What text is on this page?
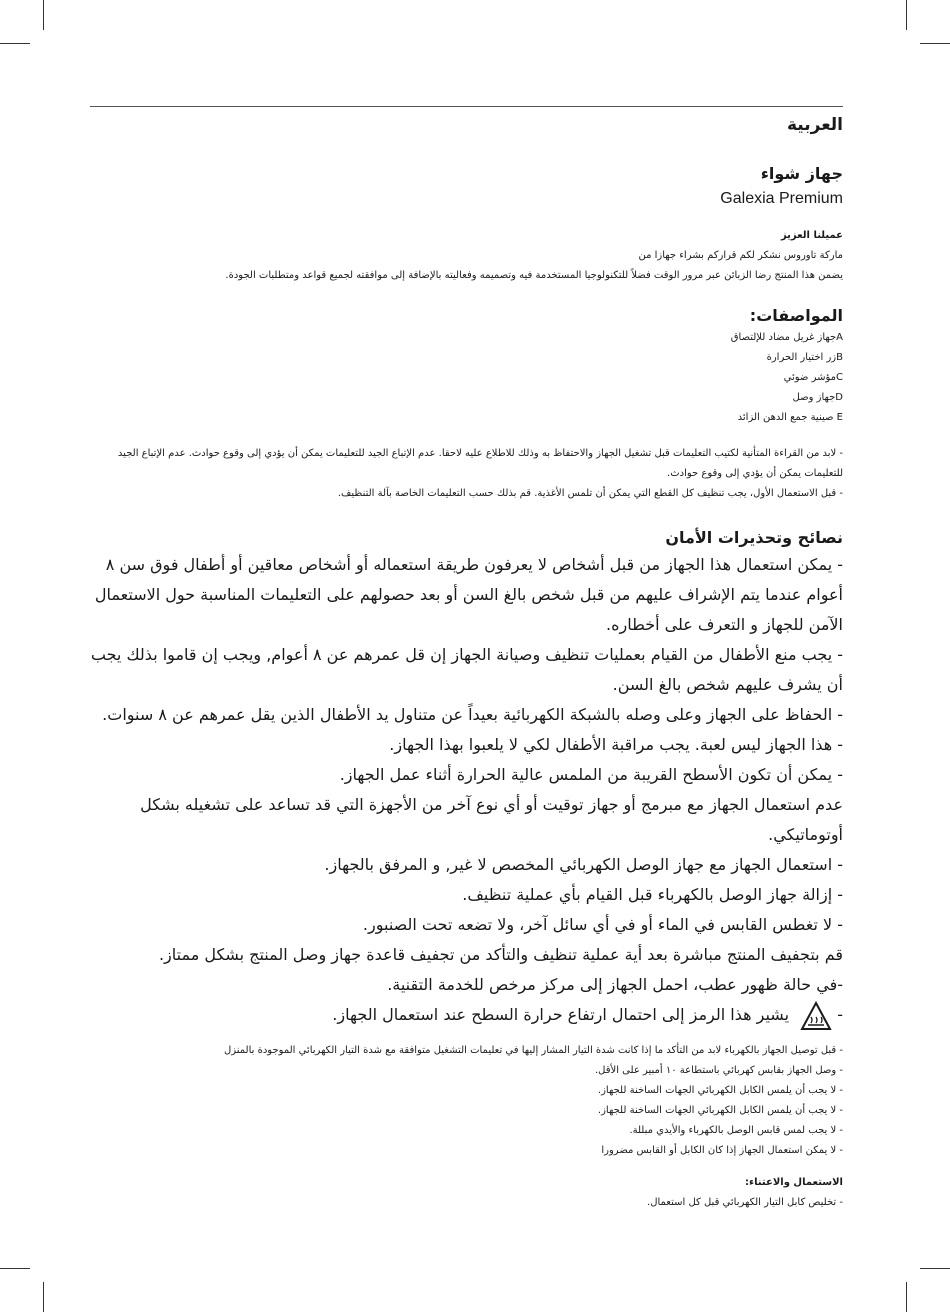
العربية
جهاز شواء
Galexia Premium

عميلنا العزيز

ماركة تاوروس نشكر لكم قراركم بشراء جهازا من

يضمن هذا المنتج رضا الزبائن عبر مرور الوقت فضلاً للتكنولوجيا المستخدمة فيه وتصميمه وفعاليته بالإضافة إلى موافقته لجميع قواعد ومتطلبات الجودة.

المواصفات:

Aجهاز غريل مضاد للإلتصاق

Bزر اختيار الحرارة

Cمؤشر ضوئي

Dجهاز وصل

E صينية جمع الدهن الزائد

- لابد من القراءة المتأنية لكتيب التعليمات قبل تشغيل الجهاز والاحتفاظ به وذلك للاطلاع عليه لاحقا. عدم الإتباع الجيد للتعليمات يمكن أن يؤدي إلى وقوع حوادث. عدم الإتباع الجيد للتعليمات يمكن أن يؤدي إلى وقوع حوادث.

- قبل الاستعمال الأول، يجب تنظيف كل القطع التي يمكن أن تلمس الأغذية. قم بذلك حسب التعليمات الخاصة بآلة التنظيف.

نصائح وتحذيرات الأمان

- يمكن استعمال هذا الجهاز من قبل أشخاص لا يعرفون طريقة استعماله أو أشخاص معاقين أو أطفال فوق سن ٨ أعوام عندما يتم الإشراف عليهم من قبل شخص بالغ السن أو بعد حصولهم على التعليمات المناسبة حول الاستعمال الآمن للجهاز و التعرف على أخطاره.

- يجب منع الأطفال من القيام بعمليات تنظيف وصيانة الجهاز إن قل عمرهم عن ٨ أعوام, ويجب إن قاموا بذلك يجب أن يشرف عليهم شخص بالغ السن.

- الحفاظ على الجهاز وعلى وصله بالشبكة الكهربائية بعيداً عن متناول يد الأطفال الذين يقل عمرهم عن ٨ سنوات.

- هذا الجهاز ليس لعبة. يجب مراقبة الأطفال لكي لا يلعبوا بهذا الجهاز.

- يمكن أن تكون الأسطح القريبة من الملمس عالية الحرارة أثناء عمل الجهاز.

عدم استعمال الجهاز مع مبرمج أو جهاز توقيت أو أي نوع آخر من الأجهزة التي قد تساعد على تشغيله بشكل أوتوماتيكي.

- استعمال الجهاز مع جهاز الوصل الكهربائي المخصص لا غير, و المرفق بالجهاز.

- إزالة جهاز الوصل بالكهرباء قبل القيام بأي عملية تنظيف.

- لا تغطس القابس في الماء أو في أي سائل آخر، ولا تضعه تحت الصنبور.

قم بتجفيف المنتج مباشرة بعد أية عملية تنظيف والتأكد من تجفيف قاعدة جهاز وصل المنتج بشكل ممتاز.

-في حالة ظهور عطب، احمل الجهاز إلى مركز مرخص للخدمة التقنية.

-  يشير هذا الرمز إلى احتمال ارتفاع حرارة السطح عند استعمال الجهاز.

- قبل توصيل الجهاز بالكهرباء لابد من التأكد ما إذا كانت شدة التيار المشار إليها في تعليمات التشغيل متوافقة مع شدة التيار الكهربائي الموجودة بالمنزل

- وصل الجهاز بقابس كهربائي باستطاعة ١٠ أمبير على الأقل.

- لا يجب أن يلمس الكابل الكهربائي الجهات الساخنة للجهاز.

- لا يجب أن يلمس الكابل الكهربائي الجهات الساخنة للجهاز.

- لا يجب لمس قابس الوصل بالكهرباء والأيدي مبللة.

- لا يمكن استعمال الجهاز إذا كان الكابل أو القابس مضرورا

الاستعمال والاعتناء:

- تخليص كابل التيار الكهربائي قبل كل استعمال.
